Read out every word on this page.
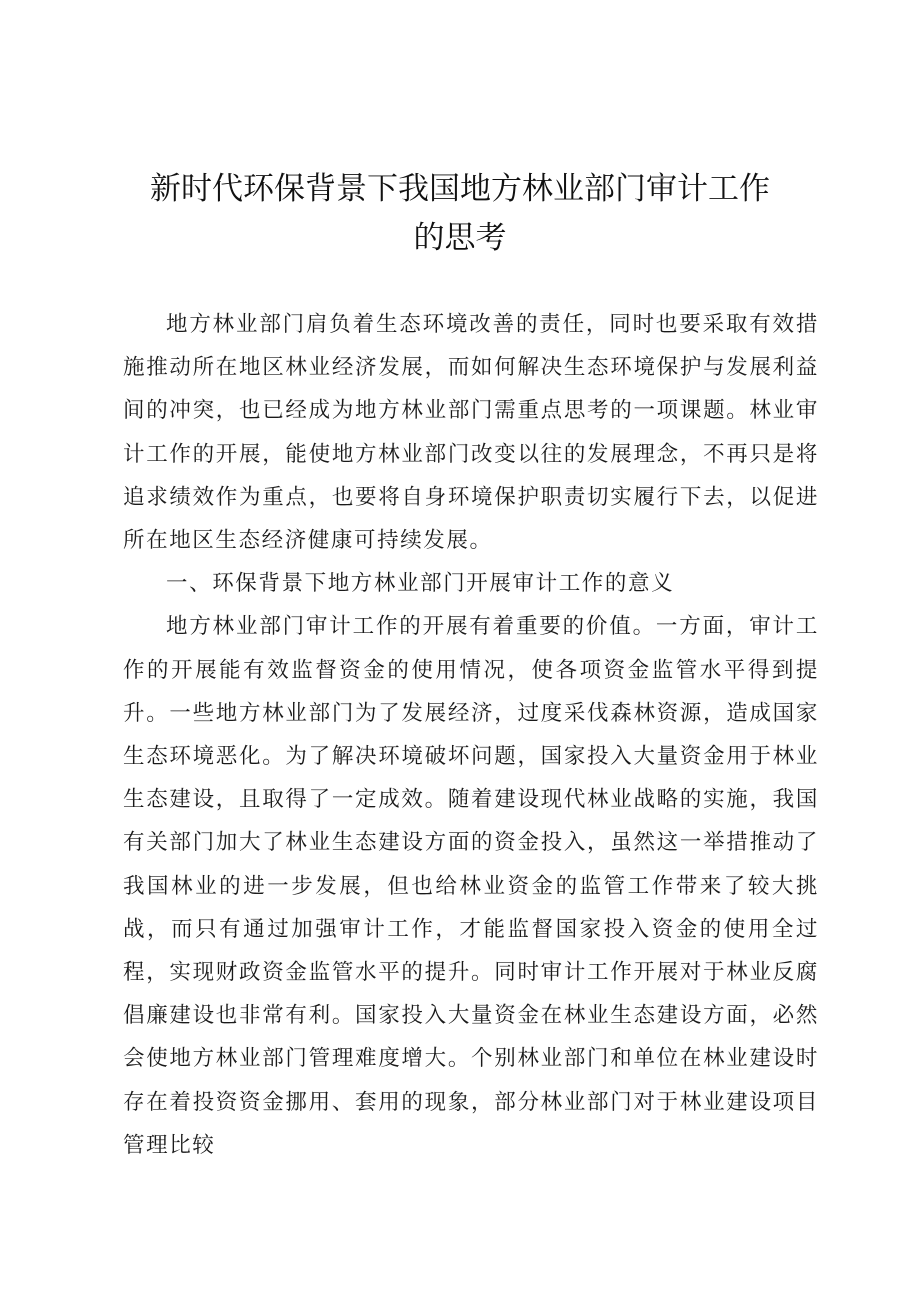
新时代环保背景下我国地方林业部门审计工作
的思考

地方林业部门肩负着生态环境改善的责任，同时也要采取有效措施推动所在地区林业经济发展，而如何解决生态环境保护与发展利益间的冲突，也已经成为地方林业部门需重点思考的一项课题。林业审计工作的开展，能使地方林业部门改变以往的发展理念，不再只是将追求绩效作为重点，也要将自身环境保护职责切实履行下去，以促进所在地区生态经济健康可持续发展。

一、环保背景下地方林业部门开展审计工作的意义

地方林业部门审计工作的开展有着重要的价值。一方面，审计工作的开展能有效监督资金的使用情况，使各项资金监管水平得到提升。一些地方林业部门为了发展经济，过度采伐森林资源，造成国家生态环境恶化。为了解决环境破坏问题，国家投入大量资金用于林业生态建设，且取得了一定成效。随着建设现代林业战略的实施，我国有关部门加大了林业生态建设方面的资金投入，虽然这一举措推动了我国林业的进一步发展，但也给林业资金的监管工作带来了较大挑战，而只有通过加强审计工作，才能监督国家投入资金的使用全过程，实现财政资金监管水平的提升。同时审计工作开展对于林业反腐倡廉建设也非常有利。国家投入大量资金在林业生态建设方面，必然会使地方林业部门管理难度增大。个别林业部门和单位在林业建设时存在着投资资金挪用、套用的现象，部分林业部门对于林业建设项目管理比较
